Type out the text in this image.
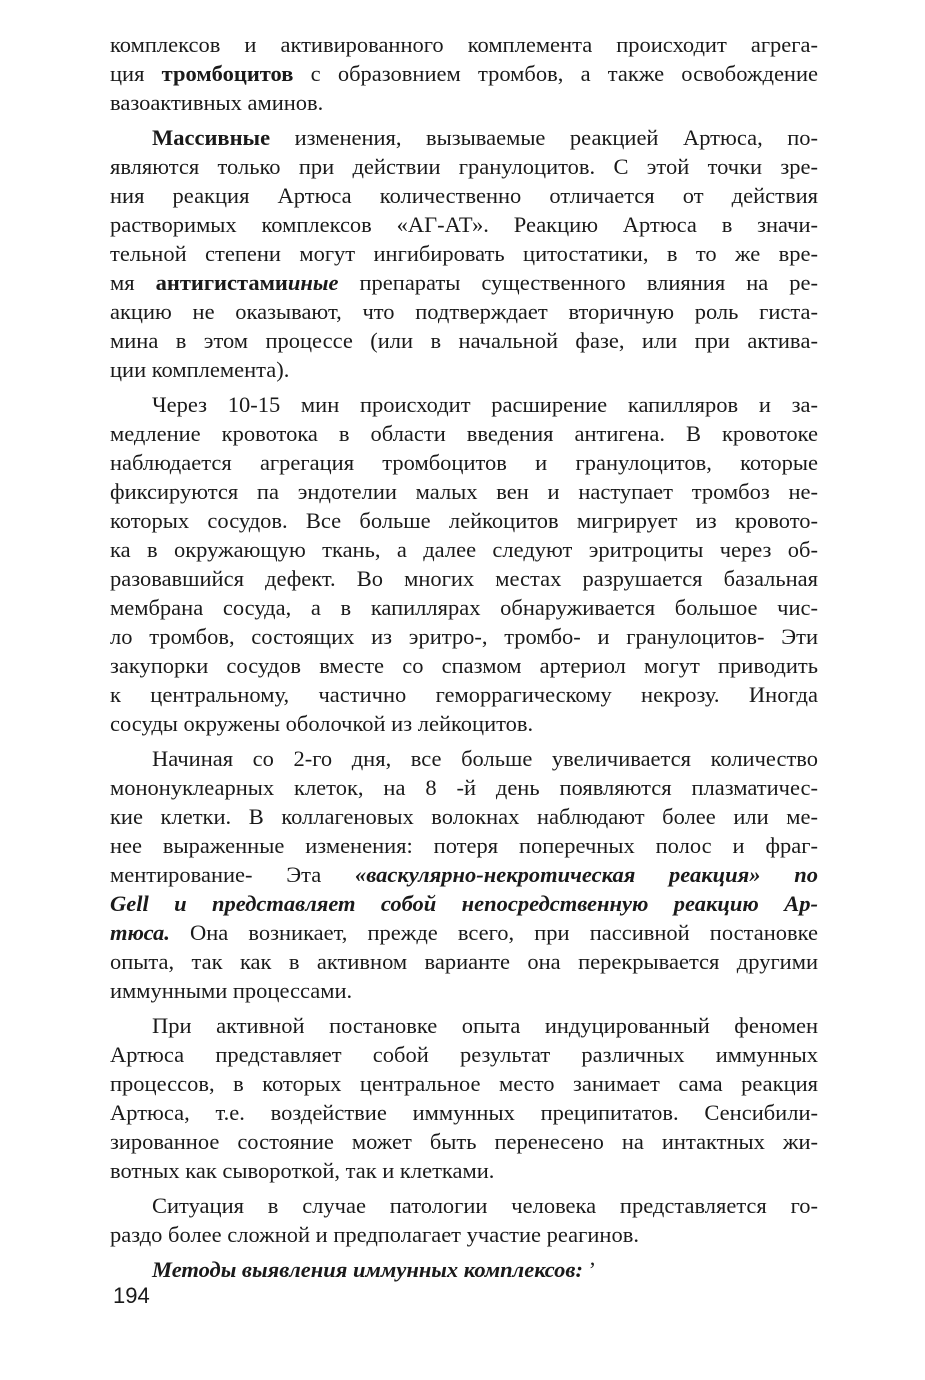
комплексов и активированного комплемента происходит агрега-
ция тромбоцитов с образовнием тромбов, а также освобождение
вазоактивных аминов.
Массивные изменения, вызываемые реакцией Артюса, по-
являются только при действии гранулоцитов. С этой точки зре-
ния реакция Артюса количественно отличается от действия
растворимых комплексов «АГ-АТ». Реакцию Артюса в значи-
тельной степени могут ингибировать цитостатики, в то же вре-
мя антигистамииные препараты существенного влияния на ре-
акцию не оказывают, что подтверждает вторичную роль гиста-
мина в этом процессе (или в начальной фазе, или при активa-
ции комплемента).
Через 10-15 мин происходит расширение капилляров и за-
медление кровотока в области введения антигена. В кровотоке
наблюдается агрегация тромбоцитов и гранулоцитов, которые
фиксируются па эндотелии малых вен и наступает тромбоз не-
которых сосудов. Все больше лейкоцитов мигрирует из кровото-
ка в окружающую ткань, а далее следуют эритроциты через об-
разовавшийся дефект. Во многих местах разрушается базальная
мембрана сосуда, а в капиллярах обнаруживается большое чис-
ло тромбов, состоящих из эритро-, тромбо- и гранулоцитов- Эти
закупорки сосудов вместе со спазмом артериол могут приводить
к центральному, частично геморрагическому некрозу. Иногда
сосуды окружены оболочкой из лейкоцитов.
Начиная со 2-го дня, все больше увеличивается количество
мононуклеарных клеток, на 8 -й день появляются плазматичес-
кие клетки. В коллагеновых волокнах наблюдают более или ме-
нее выраженные изменения: потеря поперечных полос и фраг-
ментирование- Эта «васкулярно-некротическая реакция» по
Gell и представляет собой непосредственную реакцию Ар-
тюса. Она возникает, прежде всего, при пассивной постановке
опыта, так как в активном варианте она перекрывается другими
иммунными процессами.
При активной постановке опыта индуцированный феномен
Артюса представляет собой результат различных иммунных
процессов, в которых центральное место занимает сама реакция
Артюса, т.е. воздействие иммунных преципитатов. Сенсибили-
зированное состояние может быть перенесено на интактных жи-
вотных как сывороткой, так и клетками.
Ситуация в случае патологии человека представляется го-
раздо более сложной и предполагает участие реагинов.
Методы выявления иммунных комплексов: ’
194
